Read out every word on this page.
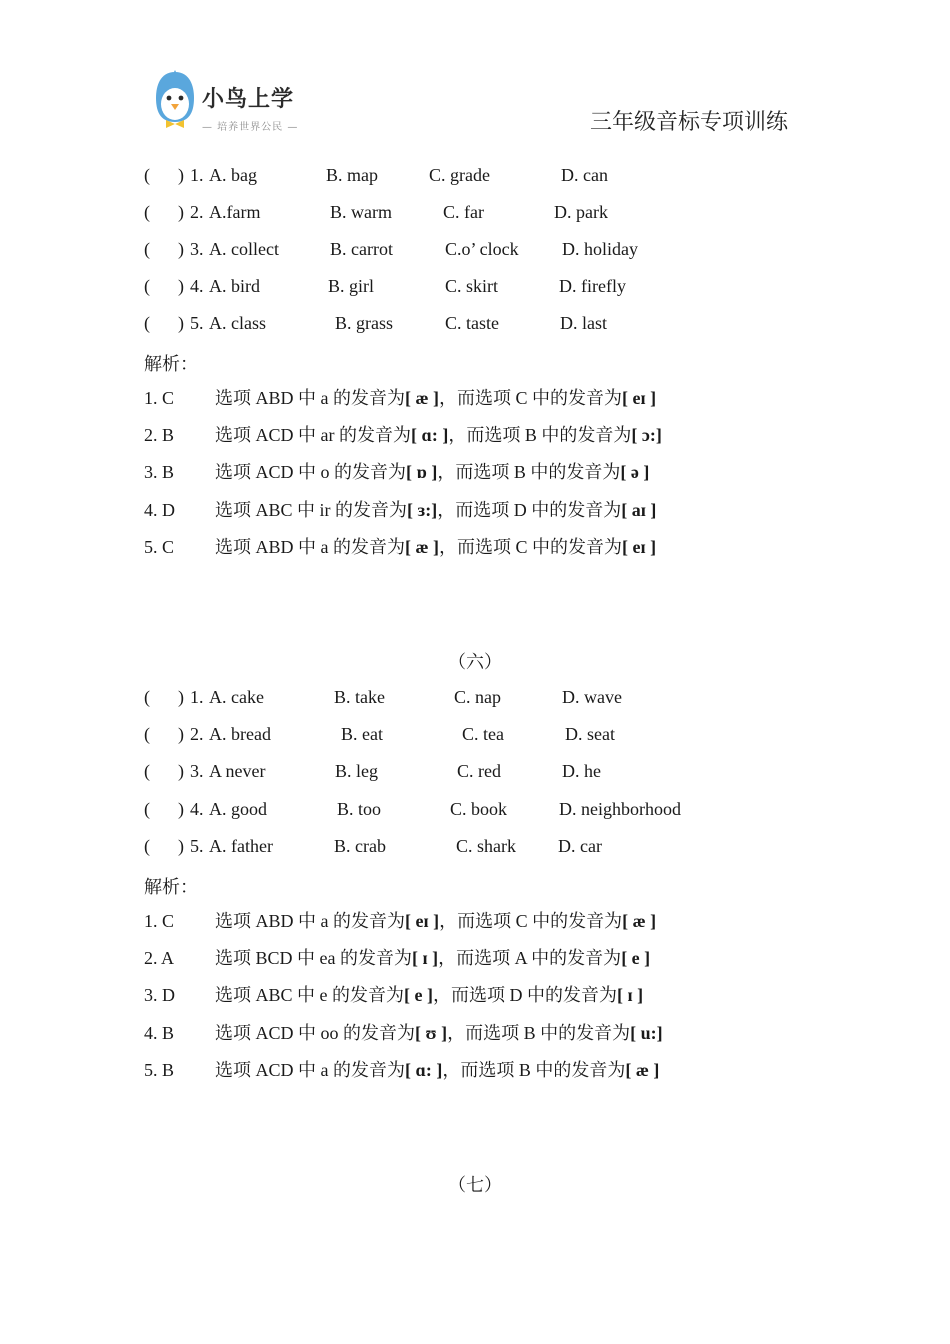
小鸟上学
— 培养世界公民 —	三年级音标专项训练
( ) 1. A. bag	B. map	C. grade	D. can
( ) 2. A.farm	B. warm	C. far	D. park
( ) 3. A. collect	B. carrot	C.o’ clock D. holiday
( ) 4. A. bird	B. girl	C. skirt	D. firefly
( ) 5. A. class	B. grass	C. taste	D. last
解析：
1. C 选项 ABD 中 a 的发音为[ æ ]，而选项 C 中的发音为[ eɪ ]
2. B 选项 ACD 中 ar 的发音为[ ɑ: ]，而选项 B 中的发音为[ ɔ:]
3. B 选项 ACD 中 o 的发音为[ ɒ ]，而选项 B 中的发音为[ ə ]
4. D 选项 ABC 中 ir 的发音为[ ɜ:]，而选项 D 中的发音为[ aɪ ]
5. C 选项 ABD 中 a 的发音为[ æ ]，而选项 C 中的发音为[ eɪ ]
（六）
( ) 1. A. cake	B. take	C. nap	D. wave
( ) 2. A. bread	B. eat	C. tea	D. seat
( ) 3. A never	B. leg	C. red	D. he
( ) 4. A. good	B. too	C. book	D. neighborhood
( ) 5. A. father	B. crab	C. shark D. car
解析：
1. C 选项 ABD 中 a 的发音为[ eɪ ]，而选项 C 中的发音为[ æ ]
2. A 选项 BCD 中 ea 的发音为[ ɪ ]，而选项 A 中的发音为[ e ]
3. D 选项 ABC 中 e 的发音为[ e ]，而选项 D 中的发音为[ ɪ ]
4. B 选项 ACD 中 oo 的发音为[ ʊ ]，而选项 B 中的发音为[ u:]
5. B 选项 ACD 中 a 的发音为[ ɑ: ]，而选项 B 中的发音为[ æ ]
（七）
